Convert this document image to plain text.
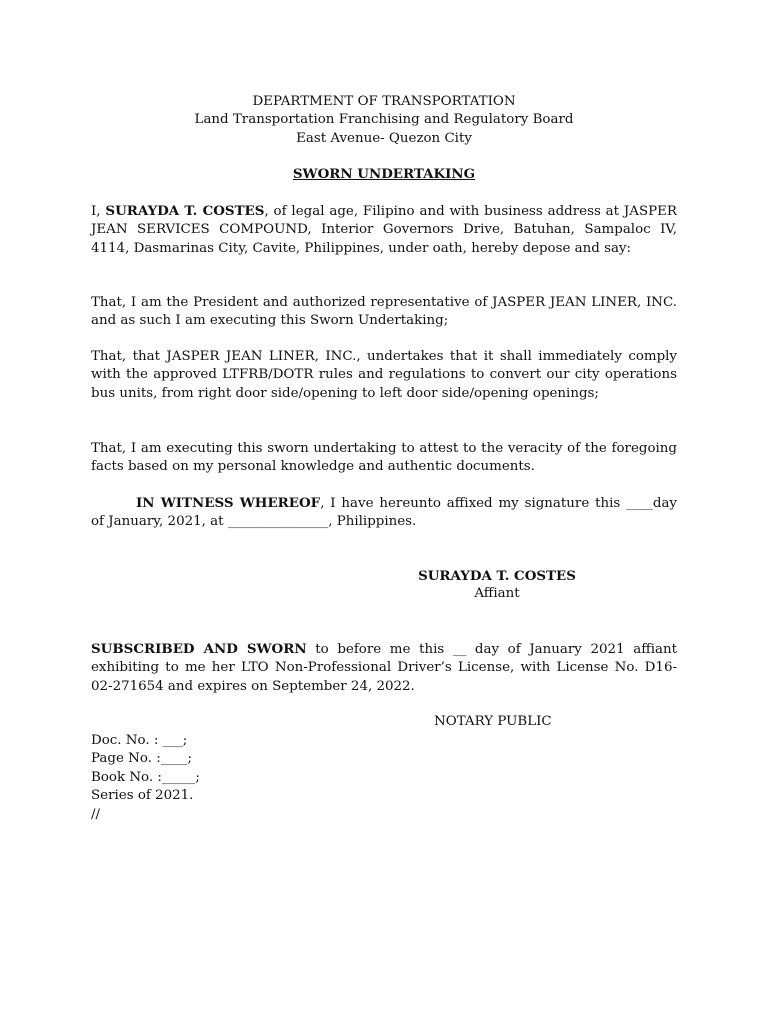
DEPARTMENT OF TRANSPORTATION
Land Transportation Franchising and Regulatory Board
East Avenue- Quezon City
SWORN UNDERTAKING

I, SURAYDA T. COSTES, of legal age, Filipino and with business address at JASPER JEAN SERVICES COMPOUND, Interior Governors Drive, Batuhan, Sampaloc IV, 4114, Dasmarinas City, Cavite, Philippines, under oath, hereby depose and say:

That, I am the President and authorized representative of JASPER JEAN LINER, INC. and as such I am executing this Sworn Undertaking;

That, that JASPER JEAN LINER, INC., undertakes that it shall immediately comply with the approved LTFRB/DOTR rules and regulations to convert our city operations bus units, from right door side/opening to left door side/opening openings;

That, I am executing this sworn undertaking to attest to the veracity of the foregoing facts based on my personal knowledge and authentic documents.

IN WITNESS WHEREOF, I have hereunto affixed my signature this ____day of January, 2021, at _______________, Philippines.

SURAYDA T. COSTES
Affiant

SUBSCRIBED AND SWORN to before me this __ day of January 2021 affiant exhibiting to me her LTO Non-Professional Driver’s License, with License No. D16-02-271654 and expires on September 24, 2022.

NOTARY PUBLIC
Doc. No. : ___;
Page No. :____;
Book No. :_____;
Series of 2021.
//
